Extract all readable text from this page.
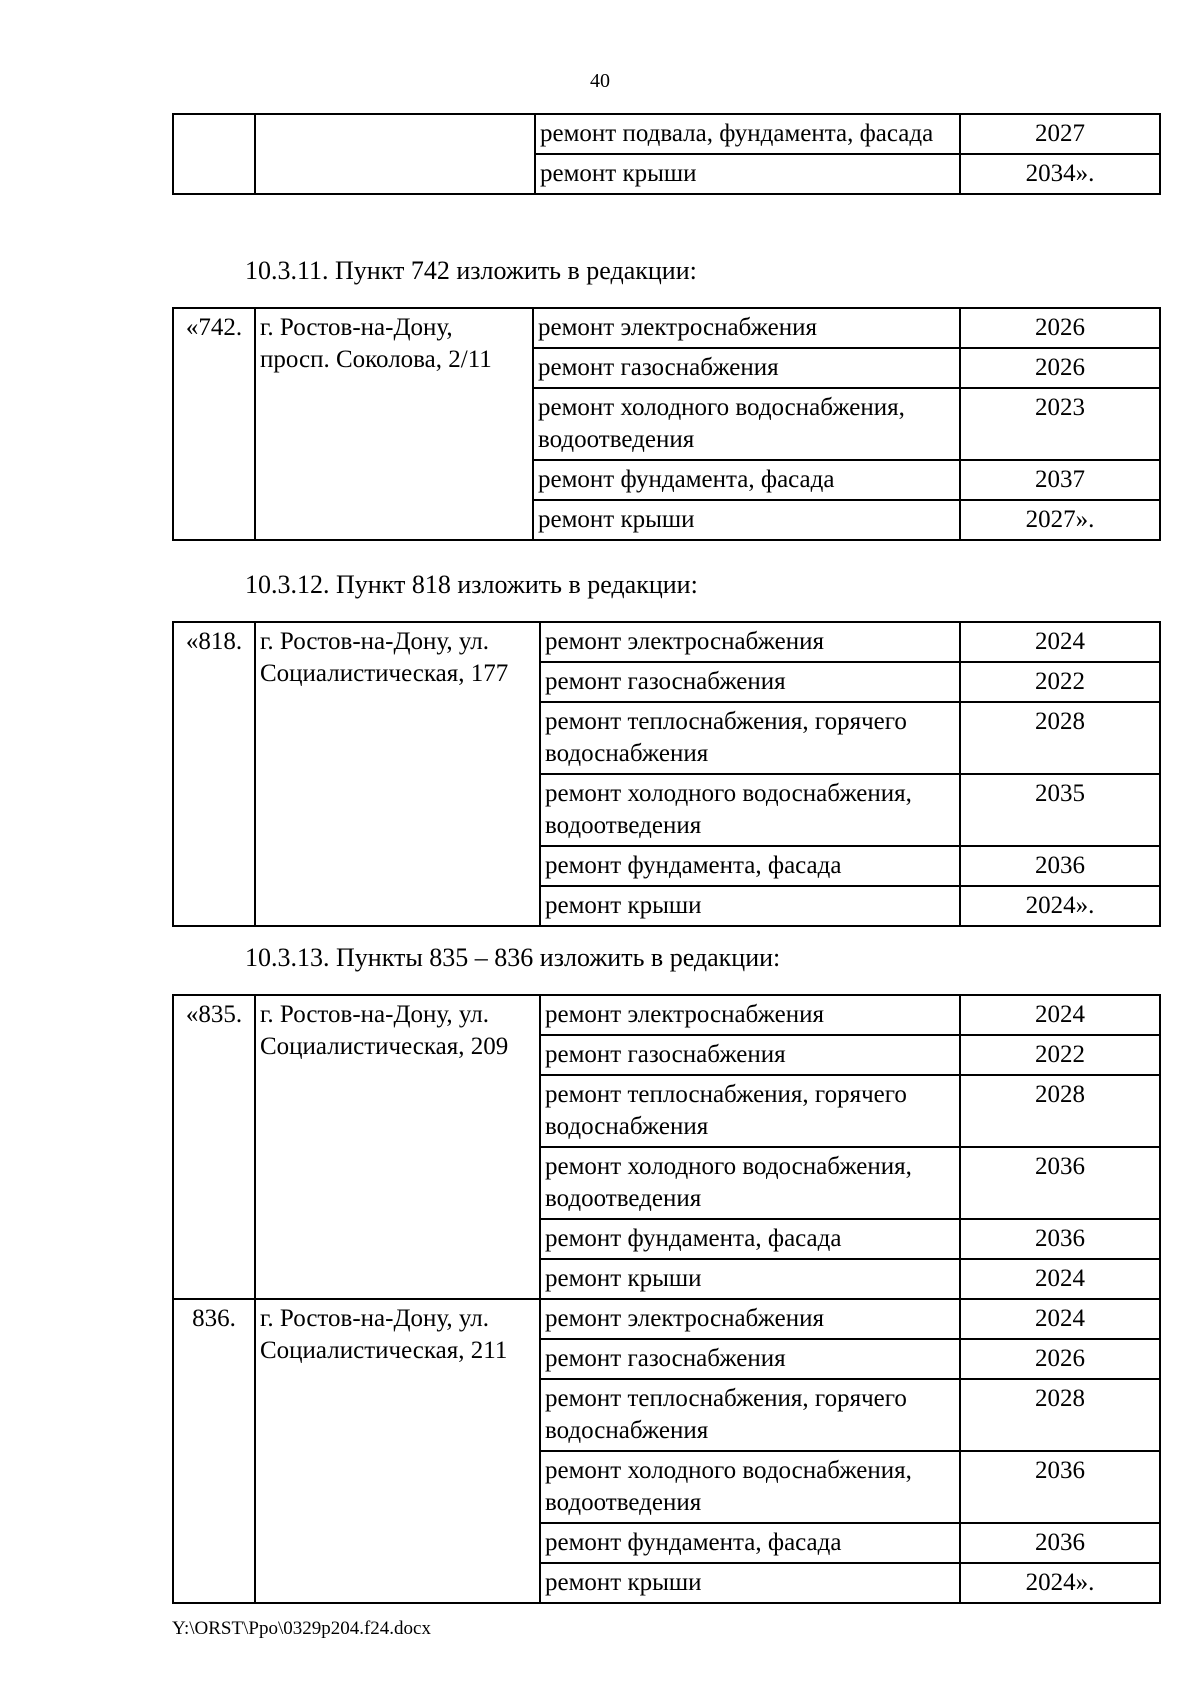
40
		ремонт подвала, фундамента, фасада	2027
		ремонт крыши	2034».
10.3.11. Пункт 742 изложить в редакции:
«742.	г. Ростов-на-Дону, просп. Соколова, 2/11	ремонт электроснабжения	2026
		ремонт газоснабжения	2026
		ремонт холодного водоснабжения, водоотведения	2023
		ремонт фундамента, фасада	2037
		ремонт крыши	2027».
10.3.12. Пункт 818 изложить в редакции:
«818.	г. Ростов-на-Дону, ул. Социалистическая, 177	ремонт электроснабжения	2024
		ремонт газоснабжения	2022
		ремонт теплоснабжения, горячего водоснабжения	2028
		ремонт холодного водоснабжения, водоотведения	2035
		ремонт фундамента, фасада	2036
		ремонт крыши	2024».
10.3.13. Пункты 835 – 836 изложить в редакции:
«835.	г. Ростов-на-Дону, ул. Социалистическая, 209	ремонт электроснабжения	2024
		ремонт газоснабжения	2022
		ремонт теплоснабжения, горячего водоснабжения	2028
		ремонт холодного водоснабжения, водоотведения	2036
		ремонт фундамента, фасада	2036
		ремонт крыши	2024
836.	г. Ростов-на-Дону, ул. Социалистическая, 211	ремонт электроснабжения	2024
		ремонт газоснабжения	2026
		ремонт теплоснабжения, горячего водоснабжения	2028
		ремонт холодного водоснабжения, водоотведения	2036
		ремонт фундамента, фасада	2036
		ремонт крыши	2024».
Y:\ORST\Ppo\0329p204.f24.docx
